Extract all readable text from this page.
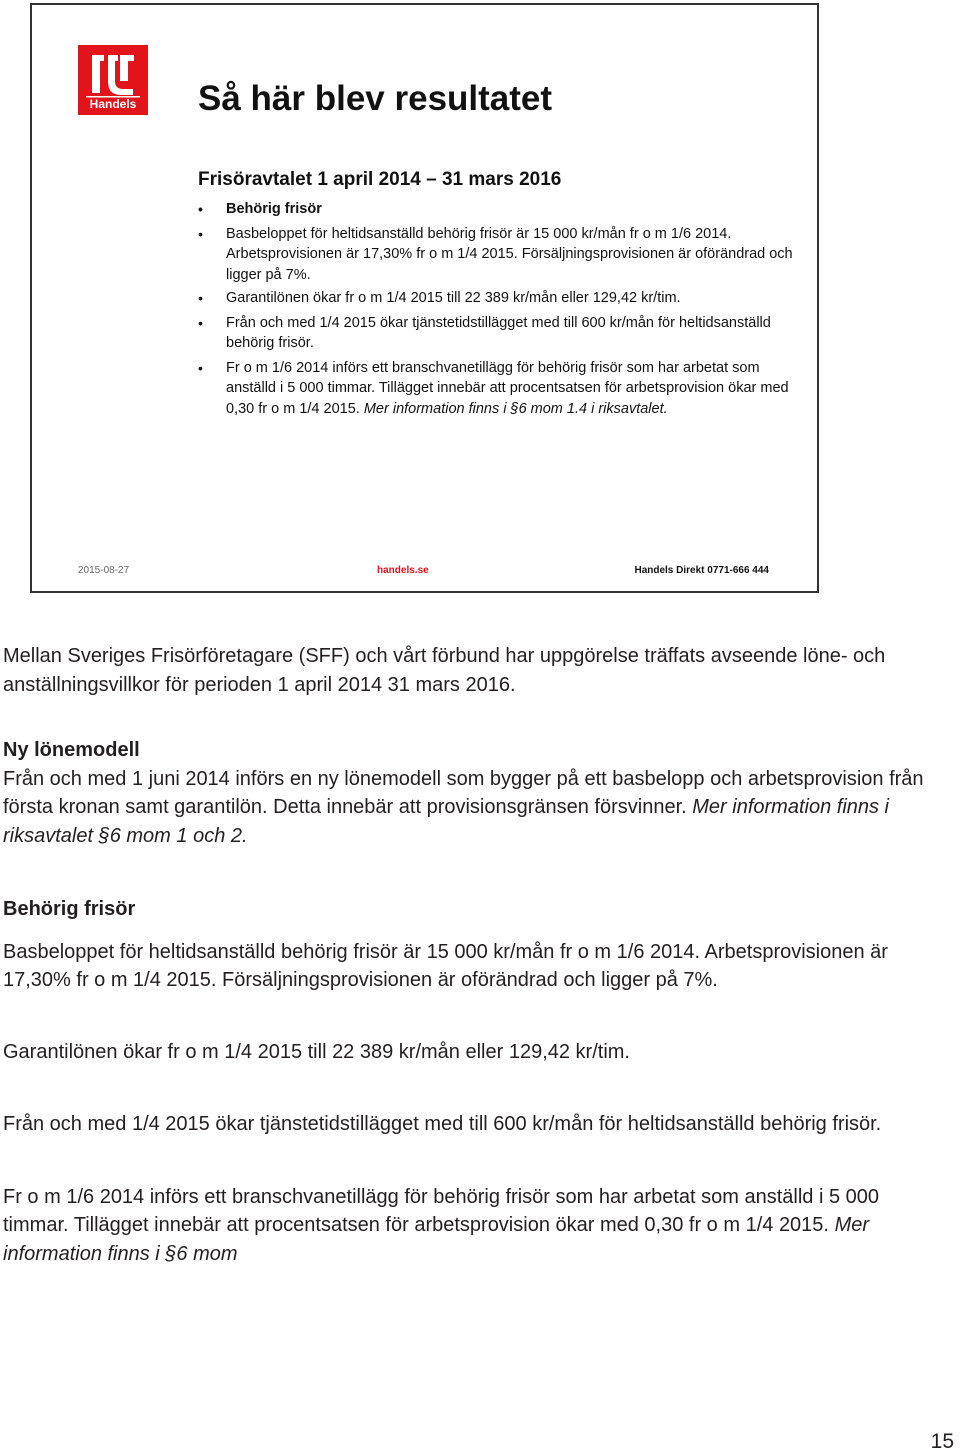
Handels	Så här blev resultatet
Frisöravtalet 1 april 2014 – 31 mars 2016
• Behörig frisör
• Basbeloppet för heltidsanställd behörig frisör är 15 000 kr/mån fr o m 1/6 2014. Arbetsprovisionen är 17,30% fr o m 1/4 2015. Försäljningsprovisionen är oförändrad och ligger på 7%.
• Garantilönen ökar fr o m 1/4 2015 till 22 389 kr/mån eller 129,42 kr/tim.
• Från och med 1/4 2015 ökar tjänstetidstillägget med till 600 kr/mån för heltidsanställd behörig frisör.
• Fr o m 1/6 2014 införs ett branschvanetillägg för behörig frisör som har arbetat som anställd i 5 000 timmar. Tillägget innebär att procentsatsen för arbetsprovision ökar med 0,30 fr o m 1/4 2015. Mer information finns i §6 mom 1.4 i riksavtalet.
2015-08-27	handels.se	Handels Direkt 0771-666 444

Mellan Sveriges Frisörföretagare (SFF) och vårt förbund har uppgörelse träffats avseende löne- och anställningsvillkor för perioden 1 april 2014 31 mars 2016.

Ny lönemodell

Från och med 1 juni 2014 införs en ny lönemodell som bygger på ett basbelopp och arbetsprovision från första kronan samt garantilön. Detta innebär att provisionsgränsen försvinner. Mer information finns i riksavtalet §6 mom 1 och 2.

Behörig frisör

Basbeloppet för heltidsanställd behörig frisör är 15 000 kr/mån fr o m 1/6 2014. Arbetsprovisionen är 17,30% fr o m 1/4 2015. Försäljningsprovisionen är oförändrad och ligger på 7%.

Garantilönen ökar fr o m 1/4 2015 till 22 389 kr/mån eller 129,42 kr/tim.

Från och med 1/4 2015 ökar tjänstetidstillägget med till 600 kr/mån för heltidsanställd behörig frisör.

Fr o m 1/6 2014 införs ett branschvanetillägg för behörig frisör som har arbetat som anställd i 5 000 timmar. Tillägget innebär att procentsatsen för arbetsprovision ökar med 0,30 fr o m 1/4 2015. Mer information finns i §6 mom

15
